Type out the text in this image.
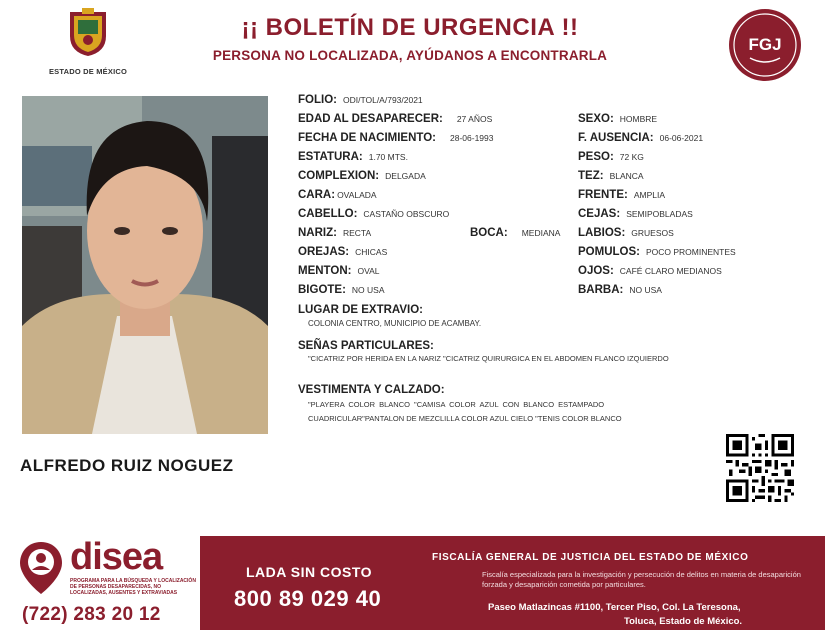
ESTADO DE MÉXICO
¡¡ BOLETÍN DE URGENCIA !!
PERSONA NO LOCALIZADA, AYÚDANOS A ENCONTRARLA
FGJ
ALFREDO RUIZ NOGUEZ
FOLIO: ODI/TOL/A/793/2021
EDAD AL DESAPARECER: 27 AÑOS	SEXO: HOMBRE
FECHA DE NACIMIENTO: 28-06-1993	F. AUSENCIA: 06-06-2021
ESTATURA: 1.70 MTS.	PESO: 72 KG
COMPLEXION: DELGADA	TEZ: BLANCA
CARA: OVALADA	FRENTE: AMPLIA
CABELLO: CASTAÑO OBSCURO	CEJAS: SEMIPOBLADAS
NARIZ: RECTA	BOCA: MEDIANA LABIOS: GRUESOS
OREJAS: CHICAS	POMULOS: POCO PROMINENTES
MENTON: OVAL	OJOS: CAFÉ CLARO MEDIANOS
BIGOTE: NO USA	BARBA: NO USA
LUGAR DE EXTRAVIO:
COLONIA CENTRO, MUNICIPIO DE ACAMBAY.
SEÑAS PARTICULARES:
"CICATRIZ POR HERIDA EN LA NARIZ "CICATRIZ QUIRURGICA EN EL ABDOMEN FLANCO IZQUIERDO
VESTIMENTA Y CALZADO:
"PLAYERA COLOR BLANCO "CAMISA COLOR AZUL CON BLANCO ESTAMPADO
CUADRICULAR"PANTALON DE MEZCLILLA COLOR AZUL CIELO "TENIS COLOR BLANCO
disea
PROGRAMA PARA LA BÚSQUEDA Y LOCALIZACIÓN DE PERSONAS DESAPARECIDAS, NO LOCALIZADAS, AUSENTES Y EXTRAVIADAS
(722) 283 20 12
LADA SIN COSTO
800 89 029 40
FISCALÍA GENERAL DE JUSTICIA DEL ESTADO DE MÉXICO
Fiscalía especializada para la investigación y persecución de delitos en materia de desaparición forzada y desaparición cometida por particulares.
Paseo Matlazincas #1100, Tercer Piso, Col. La Teresona,
Toluca, Estado de México.
